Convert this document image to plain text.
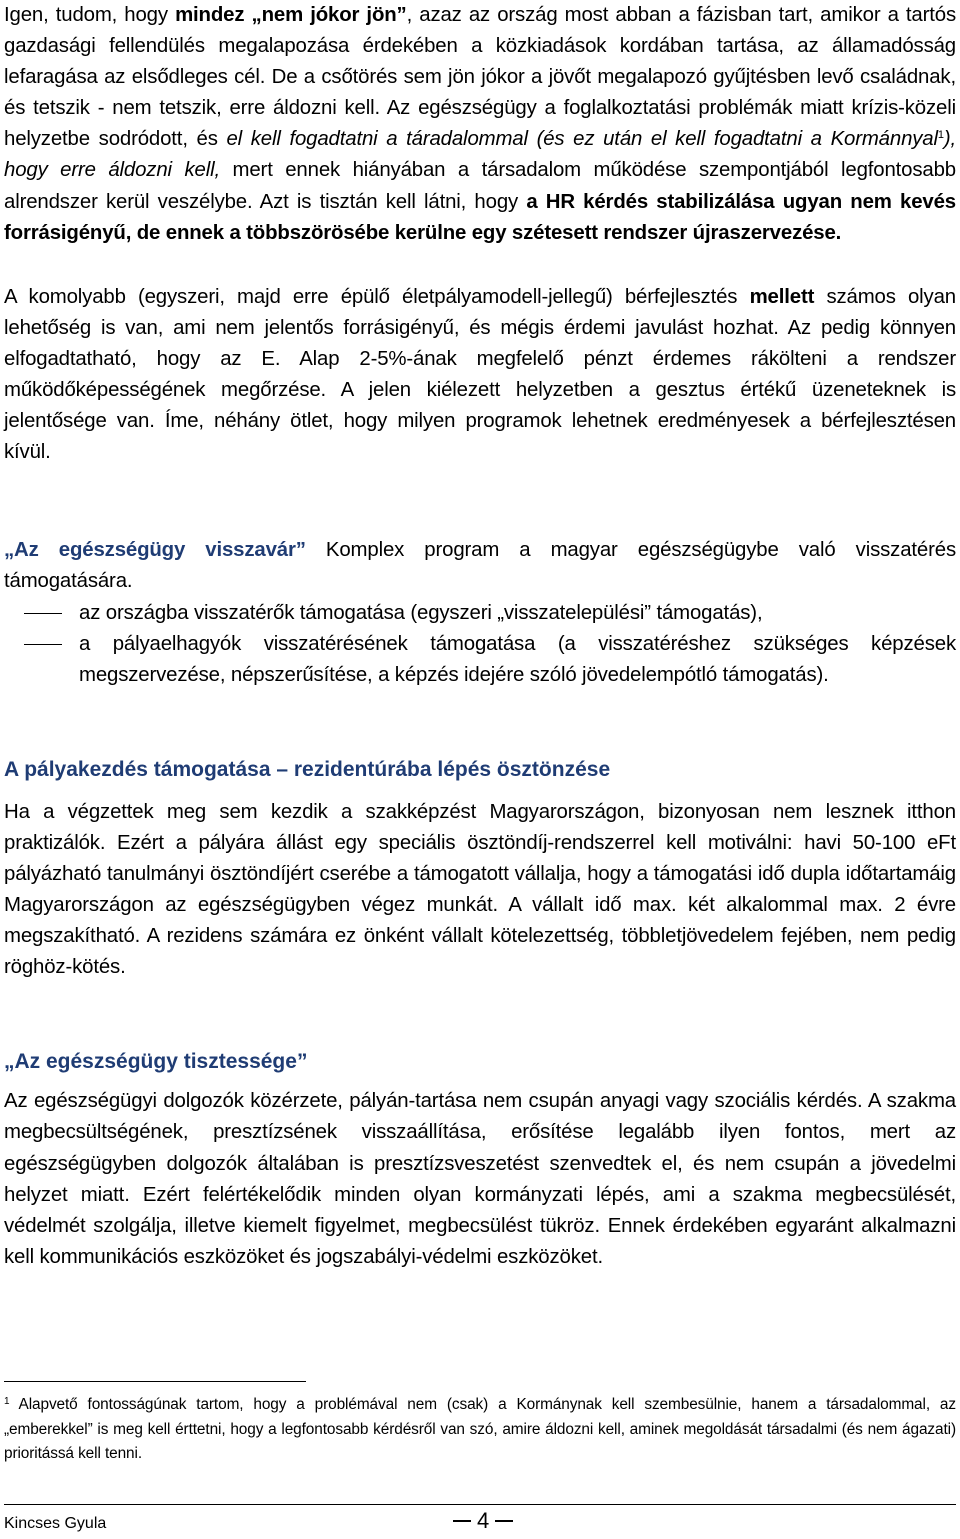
Igen, tudom, hogy mindez „nem jókor jön”, azaz az ország most abban a fázisban tart, amikor a tartós gazdasági fellendülés megalapozása érdekében a közkiadások kordában tartása, az államadósság lefaragása az elsődleges cél. De a csőtörés sem jön jókor a jövőt megalapozó gyűjtésben levő családnak, és tetszik - nem tetszik, erre áldozni kell. Az egészségügy a foglalkoztatási problémák miatt krízis-közeli helyzetbe sodródott, és el kell fogadtatni a táradalommal (és ez után el kell fogadtatni a Kormánnyal$^1$), hogy erre áldozni kell, mert ennek hiányában a társadalom működése szempontjából legfontosabb alrendszer kerül veszélybe. Azt is tisztán kell látni, hogy a HR kérdés stabilizálása ugyan nem kevés forrásigényű, de ennek a többszörösébe kerülne egy szétesett rendszer újraszervezése.

A komolyabb (egyszeri, majd erre épülő életpályamodell-jellegű) bérfejlesztés mellett számos olyan lehetőség is van, ami nem jelentős forrásigényű, és mégis érdemi javulást hozhat. Az pedig könnyen elfogadtatható, hogy az E. Alap 2-5%-ának megfelelő pénzt érdemes rákölteni a rendszer működőképességének megőrzése. A jelen kiélezett helyzetben a gesztus értékű üzeneteknek is jelentősége van. Íme, néhány ötlet, hogy milyen programok lehetnek eredményesek a bérfejlesztésen kívül.

„Az egészségügy visszavár” Komplex program a magyar egészségügybe való visszatérés támogatására.

az országba visszatérők támogatása (egyszeri „visszatelepülési” támogatás),
a pályaelhagyók visszatérésének támogatása (a visszatéréshez szükséges képzések megszervezése, népszerűsítése, a képzés idejére szóló jövedelempótló támogatás).
A pályakezdés támogatása – rezidentúrába lépés ösztönzése

Ha a végzettek meg sem kezdik a szakképzést Magyarországon, bizonyosan nem lesznek itthon praktizálók. Ezért a pályára állást egy speciális ösztöndíj-rendszerrel kell motiválni: havi 50-100 eFt pályázható tanulmányi ösztöndíjért cserébe a támogatott vállalja, hogy a támogatási idő dupla időtartamáig Magyarországon az egészségügyben végez munkát. A vállalt idő max. két alkalommal max. 2 évre megszakítható. A rezidens számára ez önként vállalt kötelezettség, többletjövedelem fejében, nem pedig röghöz-kötés.

„Az egészségügy tisztessége”

Az egészségügyi dolgozók közérzete, pályán-tartása nem csupán anyagi vagy szociális kérdés. A szakma megbecsültségének, presztízsének visszaállítása, erősítése legalább ilyen fontos, mert az egészségügyben dolgozók általában is presztízsveszetést szenvedtek el, és nem csupán a jövedelmi helyzet miatt. Ezért felértékelődik minden olyan kormányzati lépés, ami a szakma megbecsülését, védelmét szolgálja, illetve kiemelt figyelmet, megbecsülést tükröz. Ennek érdekében egyaránt alkalmazni kell kommunikációs eszközöket és jogszabályi-védelmi eszközöket.

$^1$ Alapvető fontosságúnak tartom, hogy a problémával nem (csak) a Kormánynak kell szembesülnie, hanem a társadalommal, az „emberekkel” is meg kell érttetni, hogy a legfontosabb kérdésről van szó, amire áldozni kell, aminek megoldását társadalmi (és nem ágazati) prioritássá kell tenni.
Kincses Gyula	4
